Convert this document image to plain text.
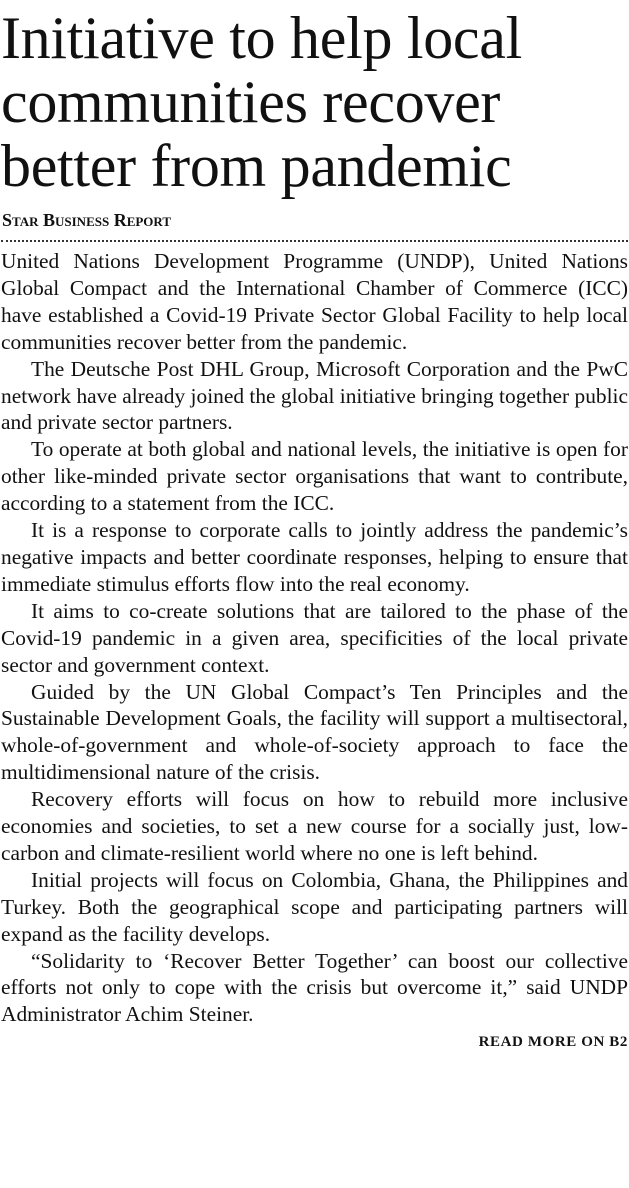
Initiative to help local communities recover better from pandemic
Star Business Report

United Nations Development Programme (UNDP), United Nations Global Compact and the International Chamber of Commerce (ICC) have established a Covid-19 Private Sector Global Facility to help local communities recover better from the pandemic.

The Deutsche Post DHL Group, Microsoft Corporation and the PwC network have already joined the global initiative bringing together public and private sector partners.

To operate at both global and national levels, the initiative is open for other like-minded private sector organisations that want to contribute, according to a statement from the ICC.

It is a response to corporate calls to jointly address the pandemic’s negative impacts and better coordinate responses, helping to ensure that immediate stimulus efforts flow into the real economy.

It aims to co-create solutions that are tailored to the phase of the Covid-19 pandemic in a given area, specificities of the local private sector and government context.

Guided by the UN Global Compact’s Ten Principles and the Sustainable Development Goals, the facility will support a multisectoral, whole-of-government and whole-of-society approach to face the multidimensional nature of the crisis.

Recovery efforts will focus on how to rebuild more inclusive economies and societies, to set a new course for a socially just, low-carbon and climate-resilient world where no one is left behind.

Initial projects will focus on Colombia, Ghana, the Philippines and Turkey. Both the geographical scope and participating partners will expand as the facility develops.

“Solidarity to ‘Recover Better Together’ can boost our collective efforts not only to cope with the crisis but overcome it,” said UNDP Administrator Achim Steiner.

READ MORE ON B2
